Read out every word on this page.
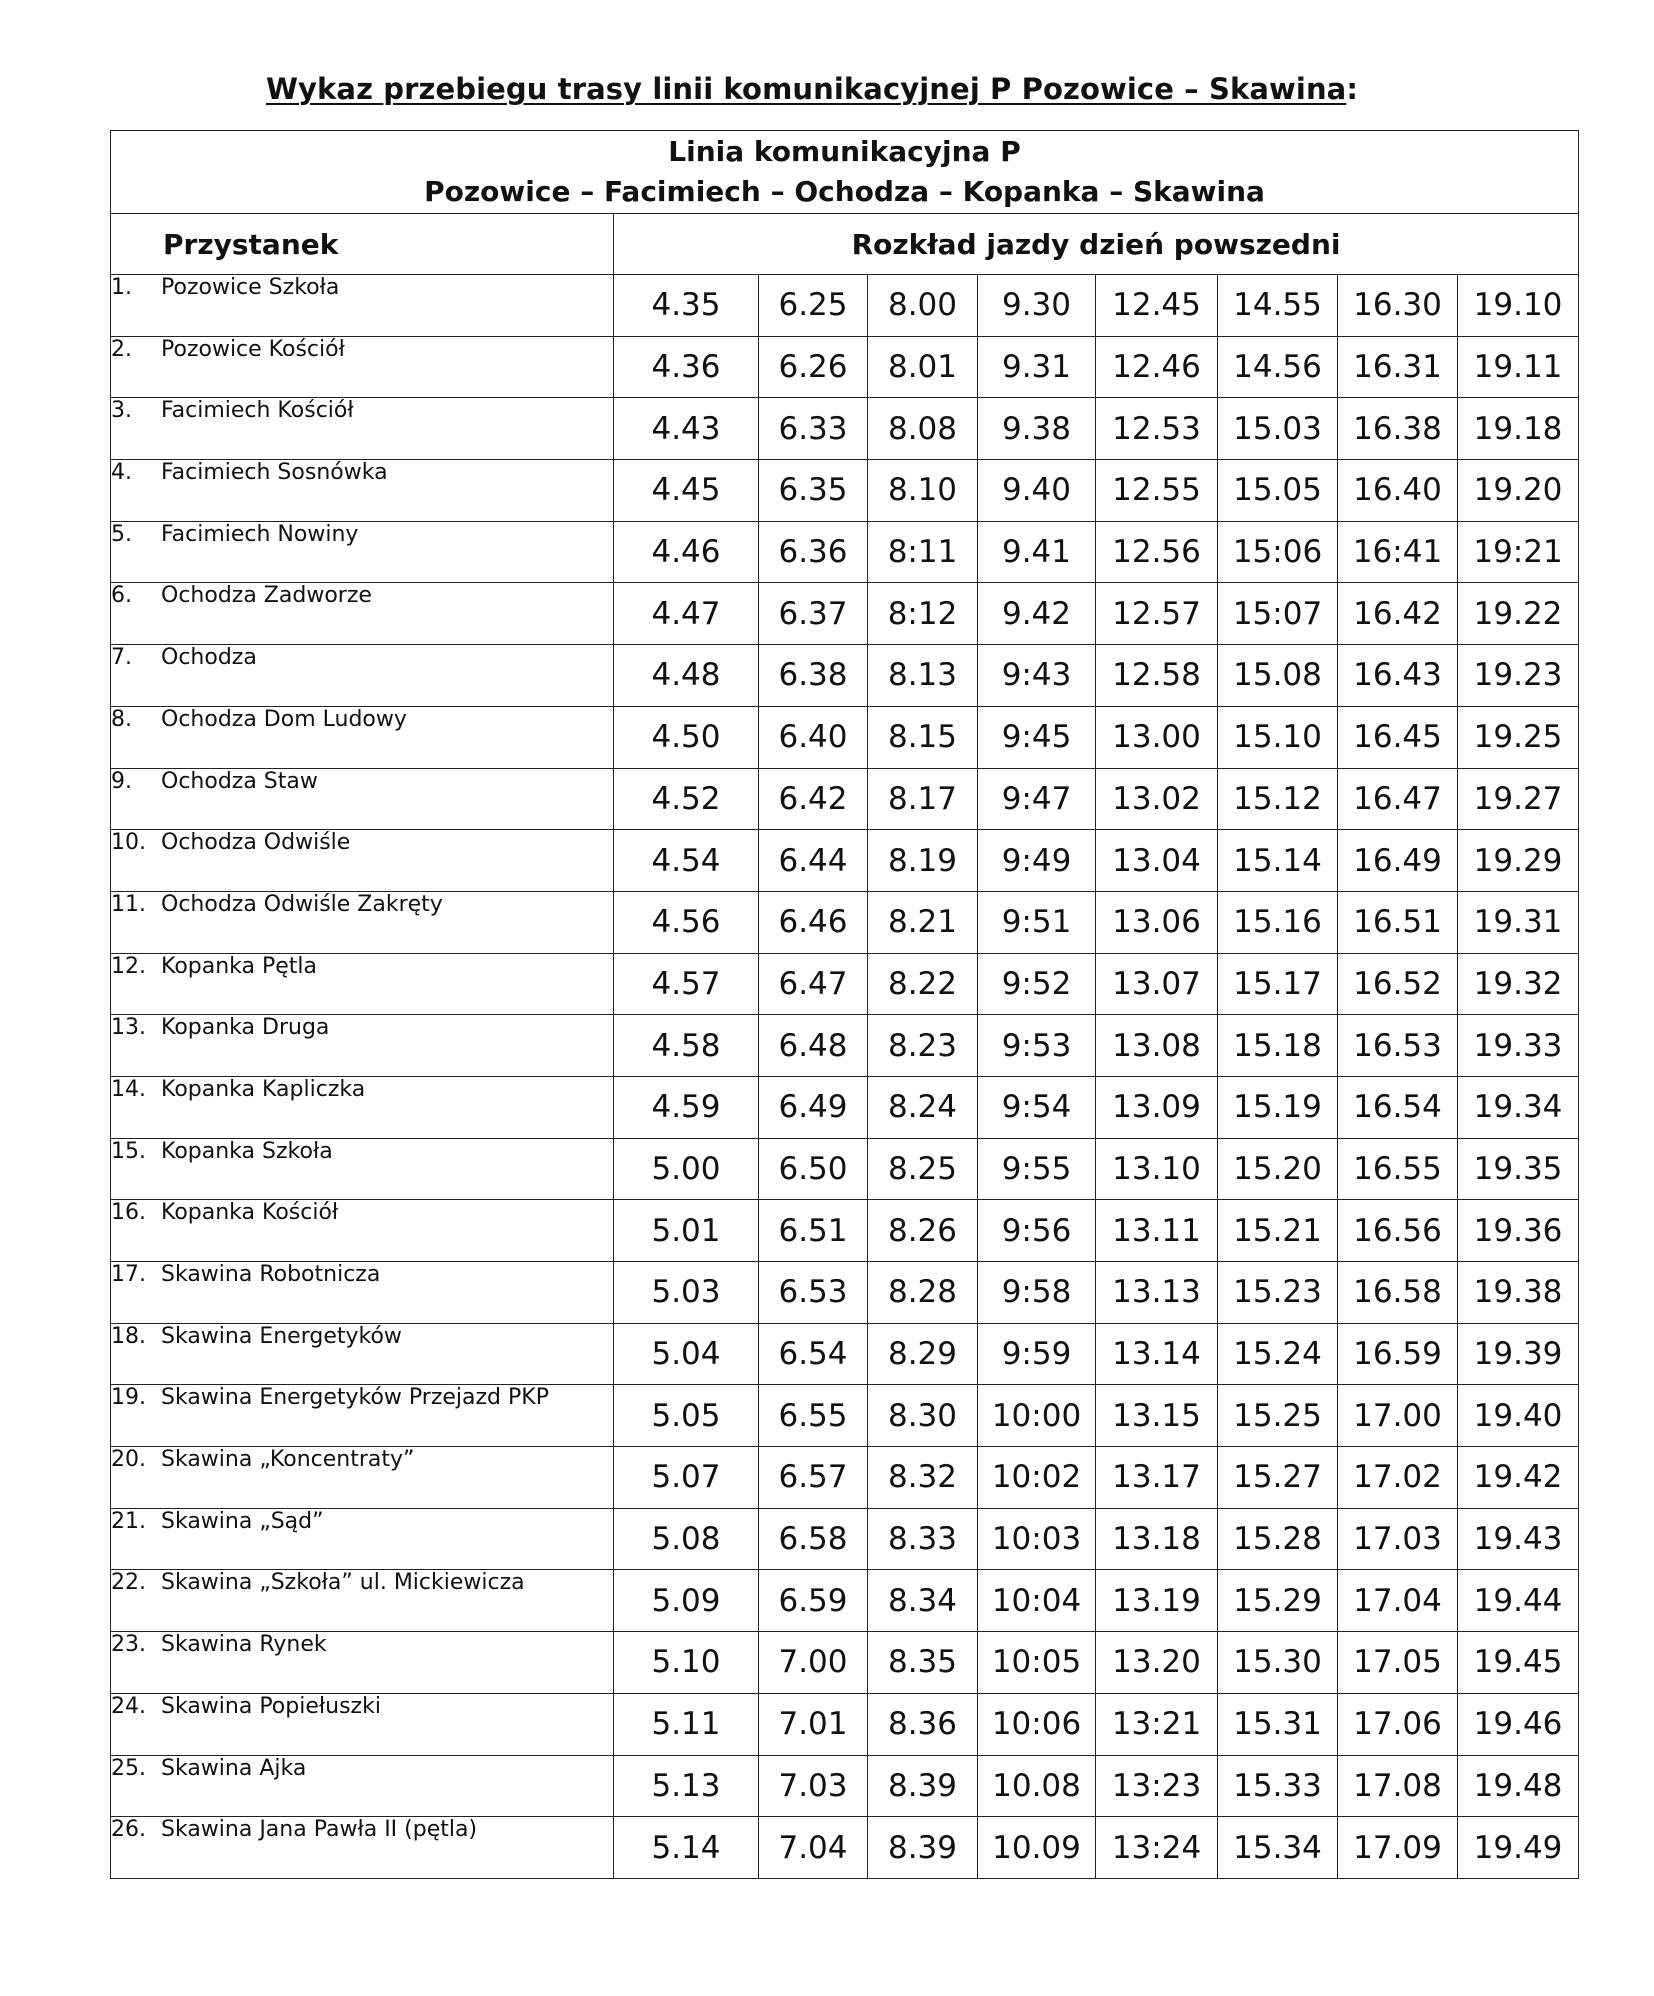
Wykaz przebiegu trasy linii komunikacyjnej P Pozowice – Skawina:
Linia komunikacyjna P
Pozowice – Facimiech – Ochodza – Kopanka – Skawina								

Przystanek	Rozkład jazdy dzień powszedni							
1. Pozowice Szkoła	4.35	6.25	8.00	9.30	12.45	14.55	16.30	19.10
2. Pozowice Kościół	4.36	6.26	8.01	9.31	12.46	14.56	16.31	19.11
3. Facimiech Kościół	4.43	6.33	8.08	9.38	12.53	15.03	16.38	19.18
4. Facimiech Sosnówka	4.45	6.35	8.10	9.40	12.55	15.05	16.40	19.20
5. Facimiech Nowiny	4.46	6.36	8:11	9.41	12.56	15:06	16:41	19:21
6. Ochodza Zadworze	4.47	6.37	8:12	9.42	12.57	15:07	16.42	19.22
7. Ochodza	4.48	6.38	8.13	9:43	12.58	15.08	16.43	19.23
8. Ochodza Dom Ludowy	4.50	6.40	8.15	9:45	13.00	15.10	16.45	19.25
9. Ochodza Staw	4.52	6.42	8.17	9:47	13.02	15.12	16.47	19.27
10. Ochodza Odwiśle	4.54	6.44	8.19	9:49	13.04	15.14	16.49	19.29
11. Ochodza Odwiśle Zakręty	4.56	6.46	8.21	9:51	13.06	15.16	16.51	19.31
12. Kopanka Pętla	4.57	6.47	8.22	9:52	13.07	15.17	16.52	19.32
13. Kopanka Druga	4.58	6.48	8.23	9:53	13.08	15.18	16.53	19.33
14. Kopanka Kapliczka	4.59	6.49	8.24	9:54	13.09	15.19	16.54	19.34
15. Kopanka Szkoła	5.00	6.50	8.25	9:55	13.10	15.20	16.55	19.35
16. Kopanka Kościół	5.01	6.51	8.26	9:56	13.11	15.21	16.56	19.36
17. Skawina Robotnicza	5.03	6.53	8.28	9:58	13.13	15.23	16.58	19.38
18. Skawina Energetyków	5.04	6.54	8.29	9:59	13.14	15.24	16.59	19.39
19. Skawina Energetyków Przejazd PKP	5.05	6.55	8.30	10:00	13.15	15.25	17.00	19.40
20. Skawina „Koncentraty”	5.07	6.57	8.32	10:02	13.17	15.27	17.02	19.42
21. Skawina „Sąd”	5.08	6.58	8.33	10:03	13.18	15.28	17.03	19.43
22. Skawina „Szkoła” ul. Mickiewicza	5.09	6.59	8.34	10:04	13.19	15.29	17.04	19.44
23. Skawina Rynek	5.10	7.00	8.35	10:05	13.20	15.30	17.05	19.45
24. Skawina Popiełuszki	5.11	7.01	8.36	10:06	13:21	15.31	17.06	19.46
25. Skawina Ajka	5.13	7.03	8.39	10.08	13:23	15.33	17.08	19.48
26. Skawina Jana Pawła II (pętla)	5.14	7.04	8.39	10.09	13:24	15.34	17.09	19.49
